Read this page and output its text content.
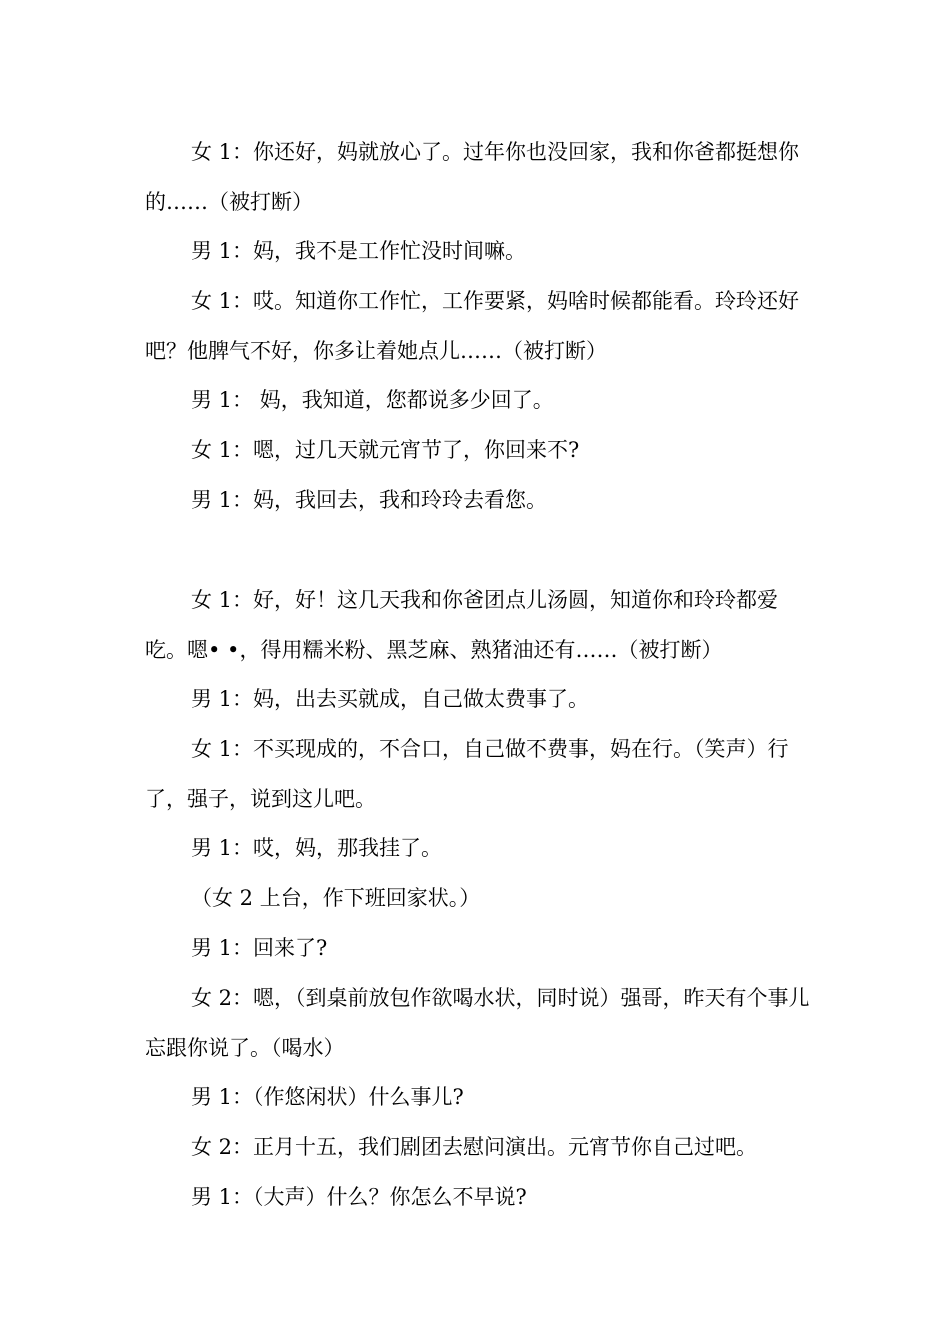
女 1：你还好，妈就放心了。过年你也没回家，我和你爸都挺想你的……（被打断）

男 1：妈，我不是工作忙没时间嘛。

女 1：哎。知道你工作忙，工作要紧，妈啥时候都能看。玲玲还好吧？他脾气不好，你多让着她点儿……（被打断）

男 1： 妈，我知道，您都说多少回了。

女 1：嗯，过几天就元宵节了，你回来不?

男 1：妈，我回去，我和玲玲去看您。

女 1：好，好！这几天我和你爸团点儿汤圆，知道你和玲玲都爱吃。嗯• •，得用糯米粉、黑芝麻、熟猪油还有……（被打断）

男 1：妈，出去买就成，自己做太费事了。

女 1：不买现成的，不合口，自己做不费事，妈在行。（笑声）行了，强子，说到这儿吧。

男 1：哎，妈，那我挂了。

（女 2 上台，作下班回家状。）

男 1：回来了?

女 2：嗯，（到桌前放包作欲喝水状，同时说）强哥，昨天有个事儿忘跟你说了。（喝水）

男 1：（作悠闲状）什么事儿?

女 2：正月十五，我们剧团去慰问演出。元宵节你自己过吧。

男 1：（大声）什么？你怎么不早说?
